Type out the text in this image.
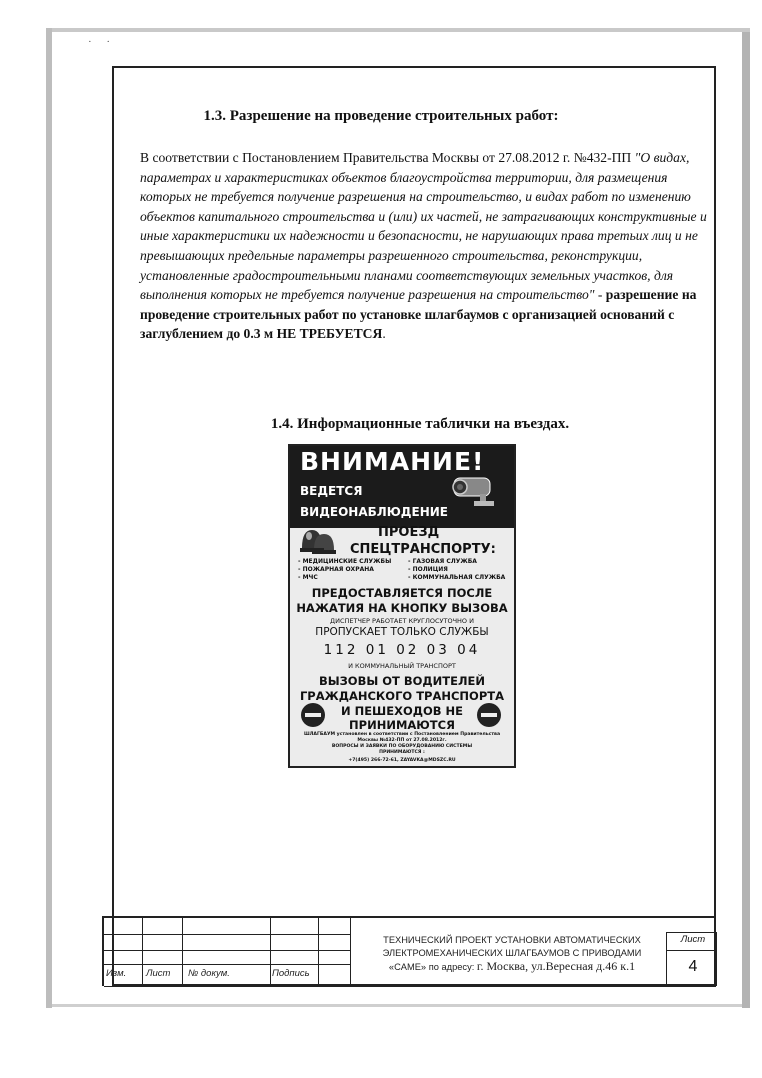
· ·
1.3. Разрешение на проведение строительных работ:
В соответствии с Постановлением Правительства Москвы от 27.08.2012 г. №432-ПП "О видах, параметрах и характеристиках объектов благоустройства территории, для размещения которых не требуется получение разрешения на строительство, и видах работ по изменению объектов капитального строительства и (или) их частей, не затрагивающих конструктивные и иные характеристики их надежности и безопасности, не нарушающих права третьих лиц и не превышающих предельные параметры разрешенного строительства, реконструкции, установленные градостроительными планами соответствующих земельных участков, для выполнения которых не требуется получение разрешения на строительство" - разрешение на проведение строительных работ по установке шлагбаумов с организацией оснований с заглублением до 0.3 м НЕ ТРЕБУЕТСЯ.
1.4. Информационные таблички на въездах.
ВНИМАНИЕ!
ВЕДЕТСЯ
ВИДЕОНАБЛЮДЕНИЕ
ПРОЕЗД
СПЕЦТРАНСПОРТУ:
- МЕДИЦИНСКИЕ СЛУЖБЫ
- ПОЖАРНАЯ ОХРАНА
- МЧС
- ГАЗОВАЯ СЛУЖБА
- ПОЛИЦИЯ
- КОММУНАЛЬНАЯ СЛУЖБА
ПРЕДОСТАВЛЯЕТСЯ ПОСЛЕ
НАЖАТИЯ НА КНОПКУ ВЫЗОВА
ДИСПЕТЧЕР РАБОТАЕТ КРУГЛОСУТОЧНО И
ПРОПУСКАЕТ ТОЛЬКО СЛУЖБЫ
112 01 02 03 04
И КОММУНАЛЬНЫЙ ТРАНСПОРТ
ВЫЗОВЫ ОТ ВОДИТЕЛЕЙ
ГРАЖДАНСКОГО ТРАНСПОРТА
И ПЕШЕХОДОВ НЕ
ПРИНИМАЮТСЯ
ШЛАГБАУМ установлен в соответствии с Постановлением Правительства
Москвы №432-ПП от 27.08.2012г.
ВОПРОСЫ И ЗАЯВКИ ПО ОБОРУДОВАНИЮ СИСТЕМЫ
ПРИНИМАЮТСЯ :
+7(495) 266-72-61, ZAYAVKA@MDSZC.RU
Изм. Лист № докум.	Подпись
ТЕХНИЧЕСКИЙ ПРОЕКТ УСТАНОВКИ АВТОМАТИЧЕСКИХ
ЭЛЕКТРОМЕХАНИЧЕСКИХ ШЛАГБАУМОВ С ПРИВОДАМИ
«CAME» по адресу: г. Москва, ул.Вересная д.46 к.1
Лист
4
